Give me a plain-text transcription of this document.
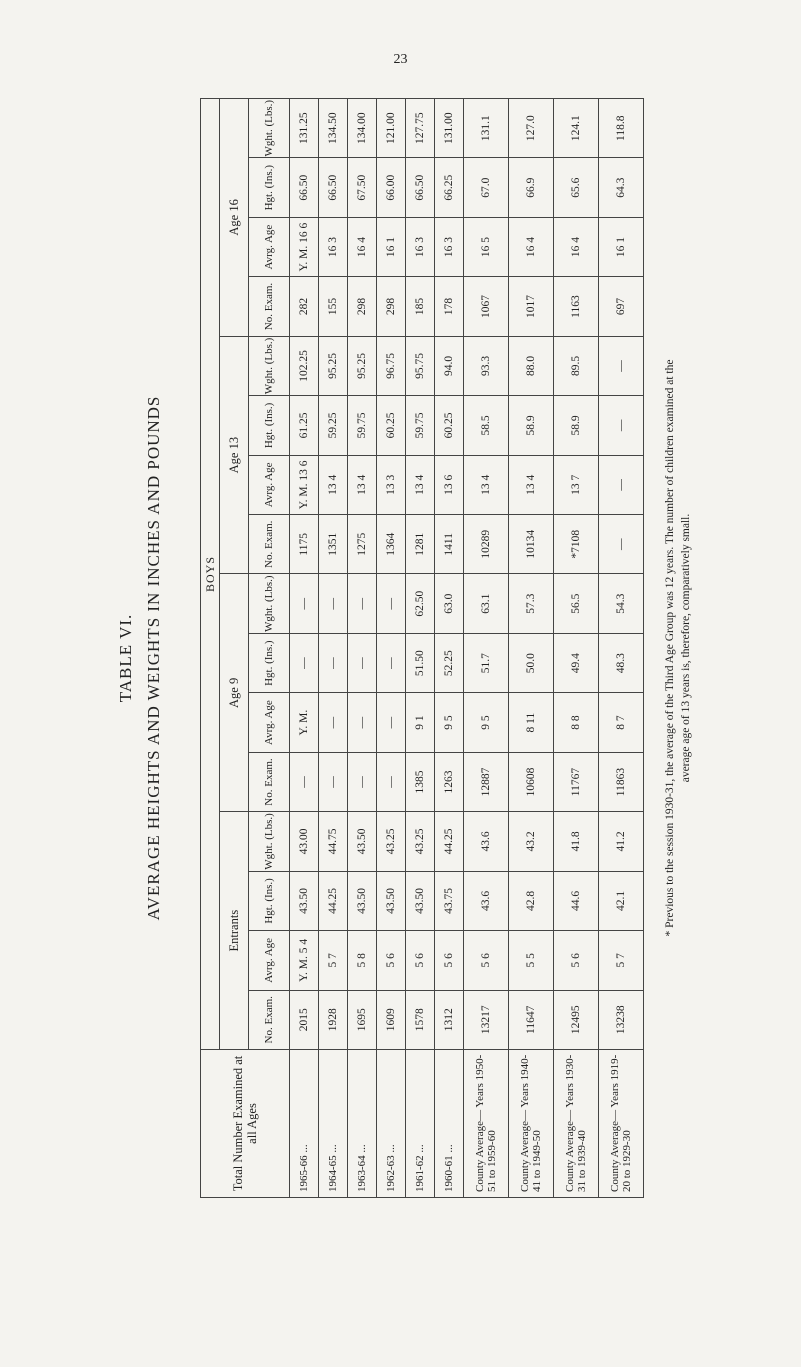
23
TABLE VI. AVERAGE HEIGHTS AND WEIGHTS IN INCHES AND POUNDS
Total Number Examined at all Ages	BOYS															
	Entrants				Age 9				Age 13				Age 16			
	No. Exam.	Avrg. Age	Hgt. (Ins.)	Wght. (Lbs.)	No. Exam.	Avrg. Age	Hgt. (Ins.)	Wght. (Lbs.)	No. Exam.	Avrg. Age	Hgt. (Ins.)	Wght. (Lbs.)	No. Exam.	Avrg. Age	Hgt. (Ins.)	Wght. (Lbs.)
1965-66 ...	2015	Y. M. 5 4	43.50	43.00	—	Y. M.	—	—	1175	Y. M. 13 6	61.25	102.25	282	Y. M. 16 6	66.50	131.25
1964-65 ...	1928	5 7	44.25	44.75	—	—	—	—	1351	13 4	59.25	95.25	155	16 3	66.50	134.50
1963-64 ...	1695	5 8	43.50	43.50	—	—	—	—	1275	13 4	59.75	95.25	298	16 4	67.50	134.00
1962-63 ...	1609	5 6	43.50	43.25	—	—	—	—	1364	13 3	60.25	96.75	298	16 1	66.00	121.00
1961-62 ...	1578	5 6	43.50	43.25	1385	9 1	51.50	62.50	1281	13 4	59.75	95.75	185	16 3	66.50	127.75
1960-61 ...	1312	5 6	43.75	44.25	1263	9 5	52.25	63.0	1411	13 6	60.25	94.0	178	16 3	66.25	131.00
County Average— Years 1950-51 to 1959-60	13217	5 6	43.6	43.6	12887	9 5	51.7	63.1	10289	13 4	58.5	93.3	1067	16 5	67.0	131.1
County Average— Years 1940-41 to 1949-50	11647	5 5	42.8	43.2	10608	8 11	50.0	57.3	10134	13 4	58.9	88.0	1017	16 4	66.9	127.0
County Average— Years 1930-31 to 1939-40	12495	5 6	44.6	41.8	11767	8 8	49.4	56.5	*7108	13 7	58.9	89.5	1163	16 4	65.6	124.1
County Average— Years 1919-20 to 1929-30	13238	5 7	42.1	41.2	11863	8 7	48.3	54.3	—	—	—	—	697	16 1	64.3	118.8
* Previous to the session 1930-31, the average of the Third Age Group was 12 years. The number of children examined at the average age of 13 years is, therefore, comparatively small.
